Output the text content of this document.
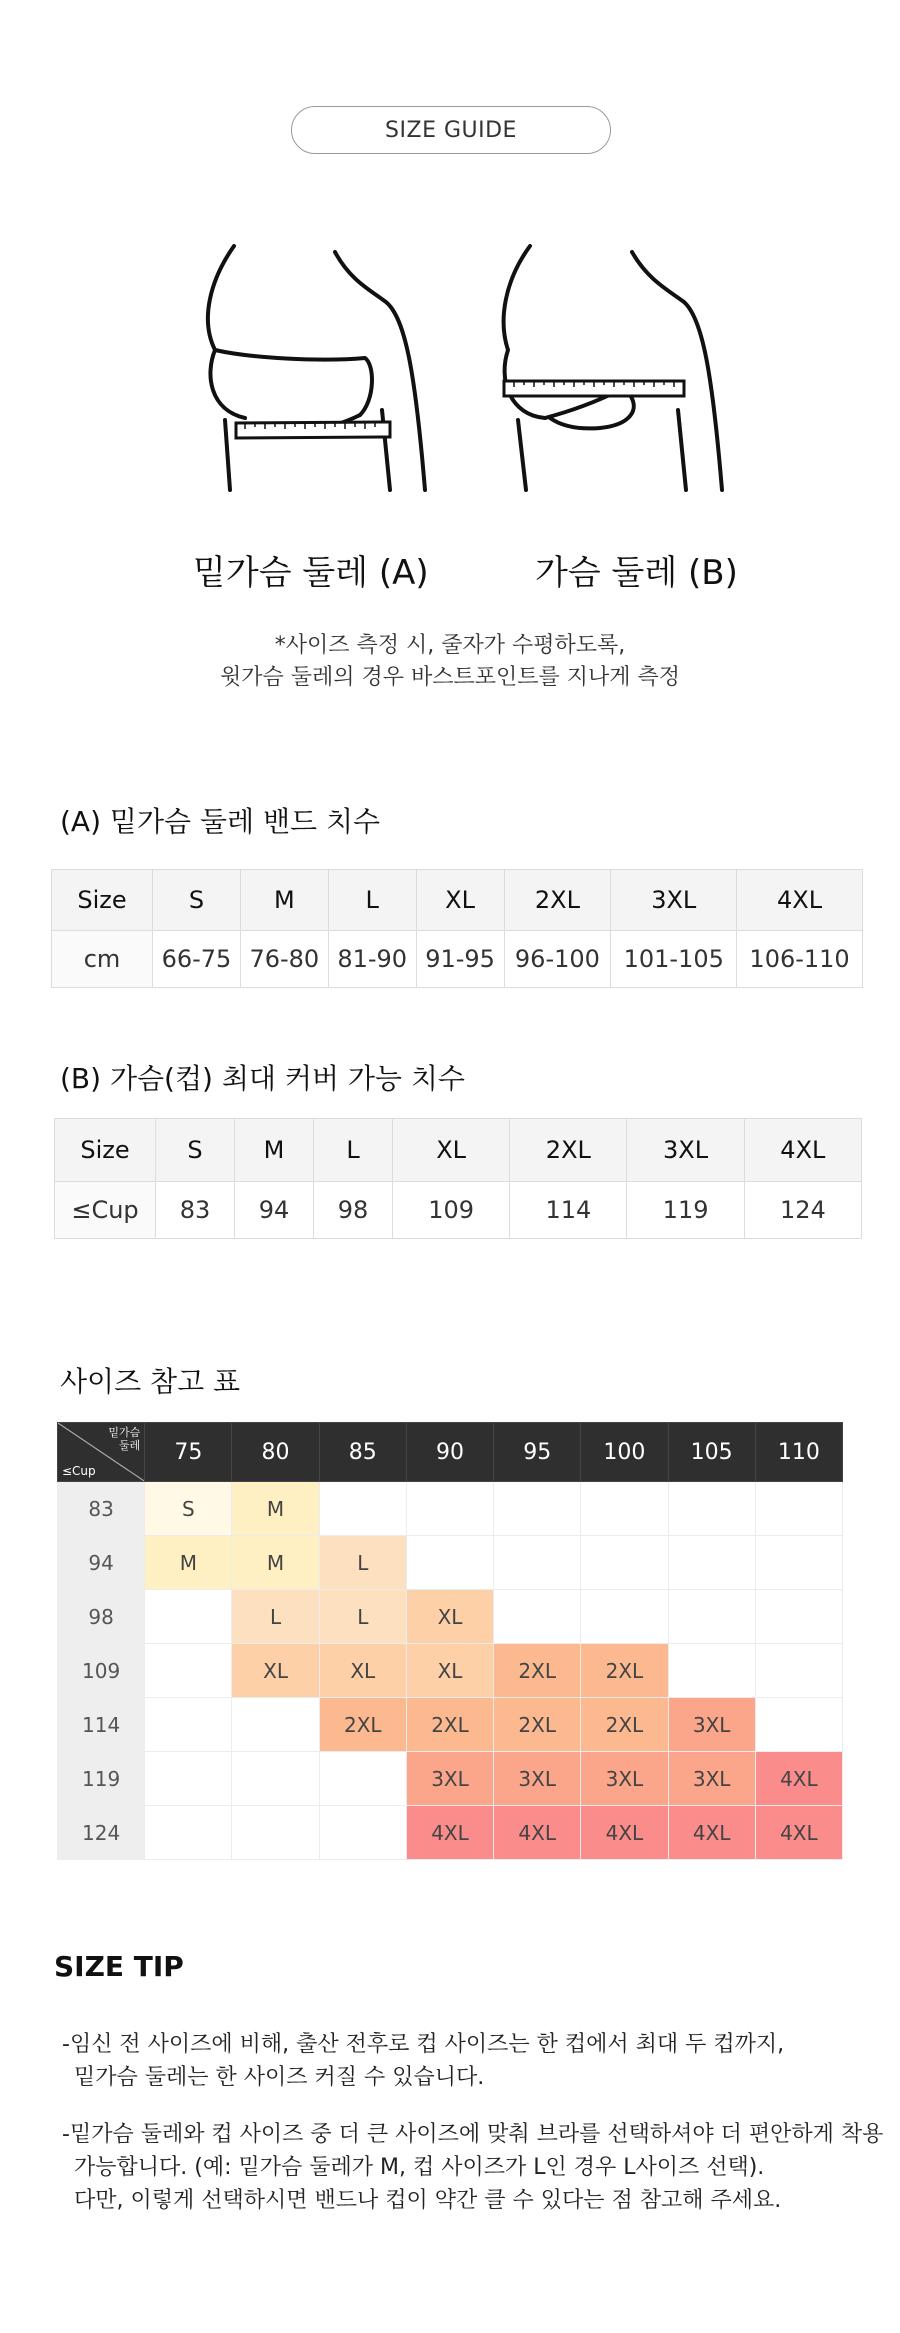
SIZE GUIDE
밑가슴 둘레 (A)	가슴 둘레 (B)
*사이즈 측정 시, 줄자가 수평하도록,
윗가슴 둘레의 경우 바스트포인트를 지나게 측정
(A) 밑가슴 둘레 밴드 치수
Size	S	M	L	XL	2XL	3XL	4XL
cm	66-75	76-80	81-90	91-95	96-100	101-105	106-110
(B) 가슴(컵) 최대 커버 가능 치수
Size	S	M	L	XL	2XL	3XL	4XL
≤Cup	83	94	98	109	114	119	124
사이즈 참고 표
밑가슴
둘레
≤Cup	75	80	85	90	95	100	105	110
83	S	M						
94	M	M	L					
98		L	L	XL				
109		XL	XL	XL	2XL	2XL		
114			2XL	2XL	2XL	2XL	3XL	
119				3XL	3XL	3XL	3XL	4XL
124				4XL	4XL	4XL	4XL	4XL
SIZE TIP
-임신 전 사이즈에 비해, 출산 전후로 컵 사이즈는 한 컵에서 최대 두 컵까지,
밑가슴 둘레는 한 사이즈 커질 수 있습니다.
-밑가슴 둘레와 컵 사이즈 중 더 큰 사이즈에 맞춰 브라를 선택하셔야 더 편안하게 착용
가능합니다. (예: 밑가슴 둘레가 M, 컵 사이즈가 L인 경우 L사이즈 선택).
다만, 이렇게 선택하시면 밴드나 컵이 약간 클 수 있다는 점 참고해 주세요.
